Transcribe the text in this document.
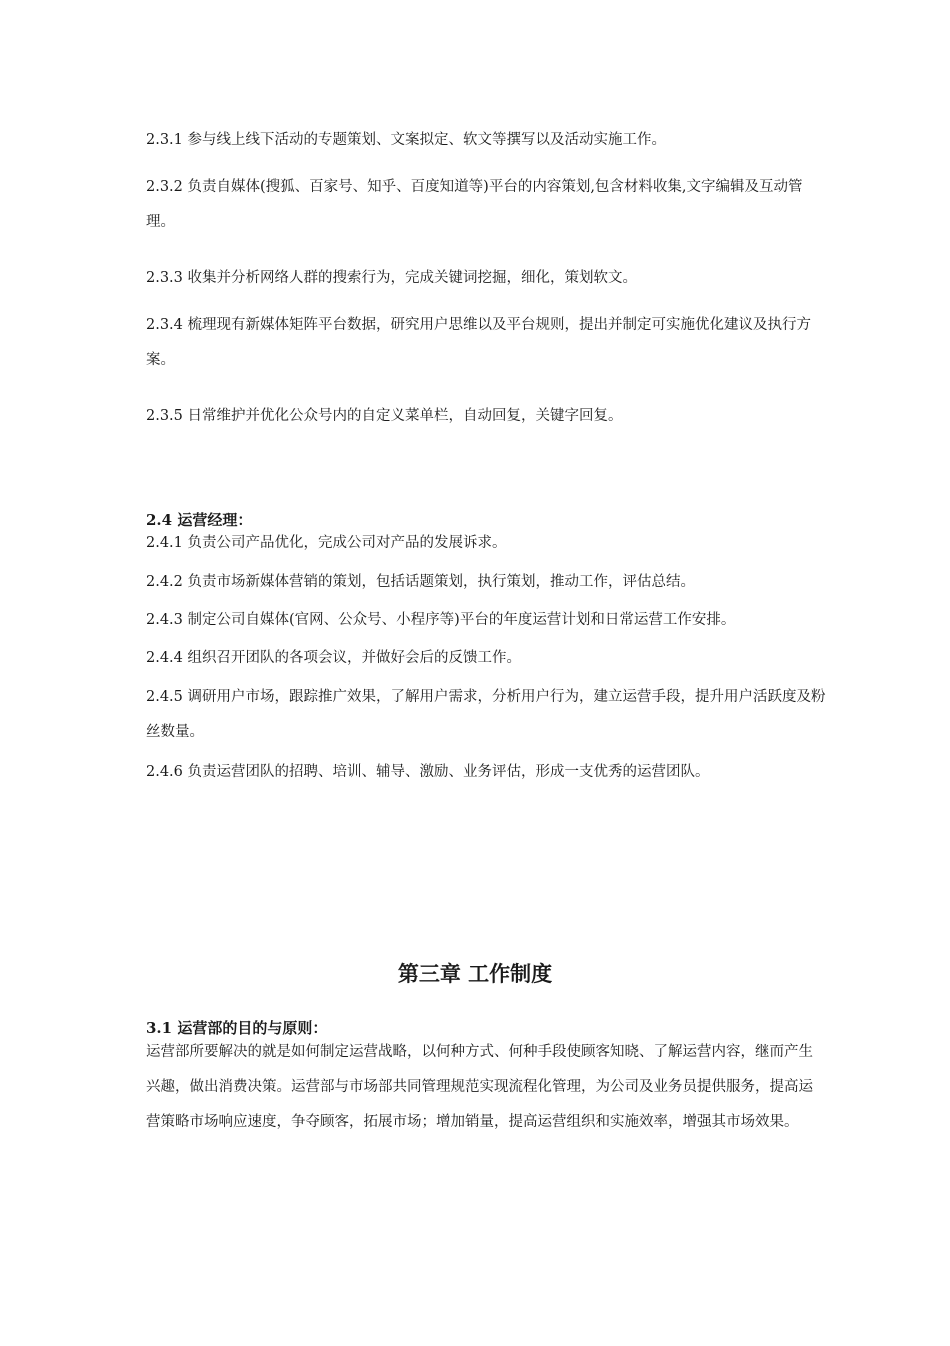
2.3.1 参与线上线下活动的专题策划、文案拟定、软文等撰写以及活动实施工作。

2.3.2 负责自媒体(搜狐、百家号、知乎、百度知道等)平台的内容策划,包含材料收集,文字编辑及互动管理。

2.3.3 收集并分析网络人群的搜索行为，完成关键词挖掘，细化，策划软文。

2.3.4 梳理现有新媒体矩阵平台数据，研究用户思维以及平台规则，提出并制定可实施优化建议及执行方案。

2.3.5 日常维护并优化公众号内的自定义菜单栏，自动回复，关键字回复。

2.4 运营经理：

2.4.1 负责公司产品优化，完成公司对产品的发展诉求。

2.4.2 负责市场新媒体营销的策划，包括话题策划，执行策划，推动工作，评估总结。

2.4.3 制定公司自媒体(官网、公众号、小程序等)平台的年度运营计划和日常运营工作安排。

2.4.4 组织召开团队的各项会议，并做好会后的反馈工作。

2.4.5 调研用户市场，跟踪推广效果，了解用户需求，分析用户行为，建立运营手段，提升用户活跃度及粉丝数量。

2.4.6 负责运营团队的招聘、培训、辅导、激励、业务评估，形成一支优秀的运营团队。

第三章 工作制度

3.1 运营部的目的与原则：

运营部所要解决的就是如何制定运营战略，以何种方式、何种手段使顾客知晓、了解运营内容，继而产生兴趣，做出消费决策。运营部与市场部共同管理规范实现流程化管理，为公司及业务员提供服务，提高运营策略市场响应速度，争夺顾客，拓展市场；增加销量，提高运营组织和实施效率，增强其市场效果。
